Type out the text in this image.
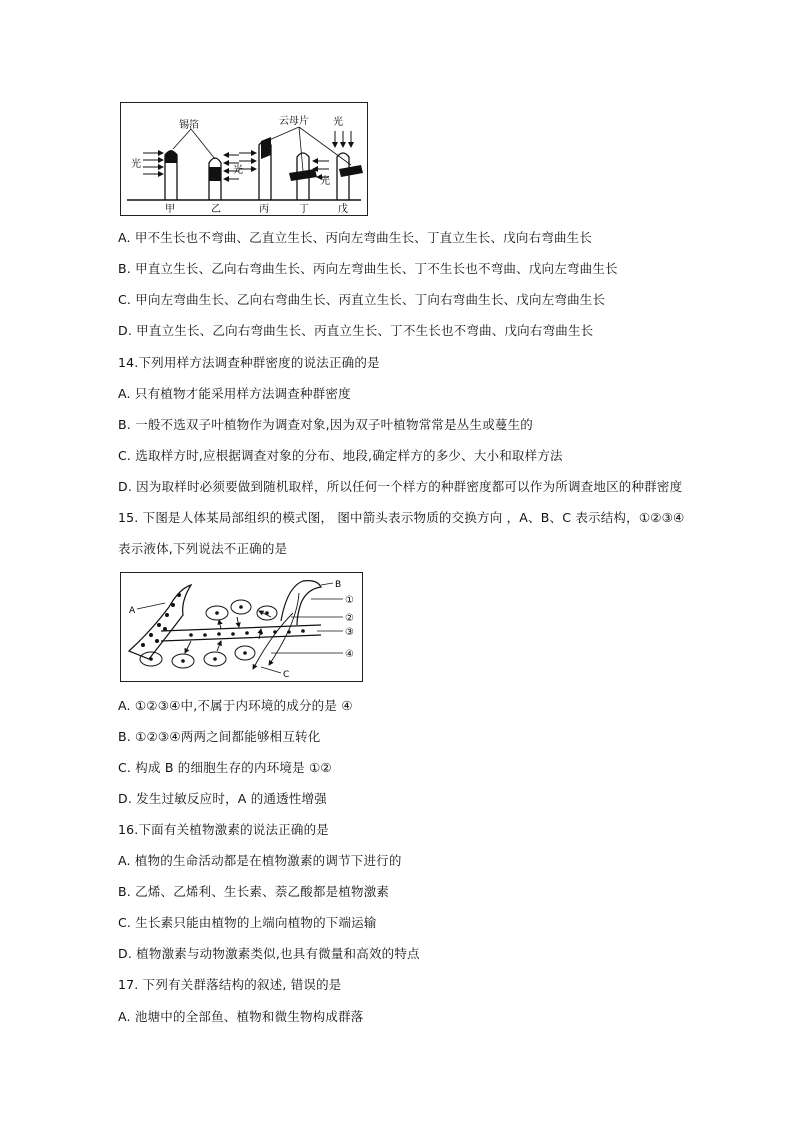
锡箔	云母片
光
光
光
光
甲	乙	丙	丁	戊
A. 甲不生长也不弯曲、乙直立生长、丙向左弯曲生长、丁直立生长、戊向右弯曲生长
B. 甲直立生长、乙向右弯曲生长、丙向左弯曲生长、丁不生长也不弯曲、戊向左弯曲生长
C. 甲向左弯曲生长、乙向右弯曲生长、丙直立生长、丁向右弯曲生长、戊向左弯曲生长
D. 甲直立生长、乙向右弯曲生长、丙直立生长、丁不生长也不弯曲、戊向右弯曲生长
14.下列用样方法调查种群密度的说法正确的是
A. 只有植物才能采用样方法调查种群密度
B. 一般不选双子叶植物作为调查对象,因为双子叶植物常常是丛生或蔓生的
C. 选取样方时,应根据调查对象的分布、地段,确定样方的多少、大小和取样方法
D. 因为取样时必须要做到随机取样，所以任何一个样方的种群密度都可以作为所调查地区的种群密度
15. 下图是人体某局部组织的模式图， 图中箭头表示物质的交换方向 ，A、B、C 表示结构，①②③④
表示液体,下列说法不正确的是
A
B
C
①
②
③
④
A. ①②③④中,不属于内环境的成分的是 ④
B. ①②③④两两之间都能够相互转化
C. 构成 B 的细胞生存的内环境是 ①②
D. 发生过敏反应时，A 的通透性增强
16.下面有关植物激素的说法正确的是
A. 植物的生命活动都是在植物激素的调节下进行的
B. 乙烯、乙烯利、生长素、萘乙酸都是植物激素
C. 生长素只能由植物的上端向植物的下端运输
D. 植物激素与动物激素类似,也具有微量和高效的特点
17. 下列有关群落结构的叙述, 错误的是
A. 池塘中的全部鱼、植物和微生物构成群落
